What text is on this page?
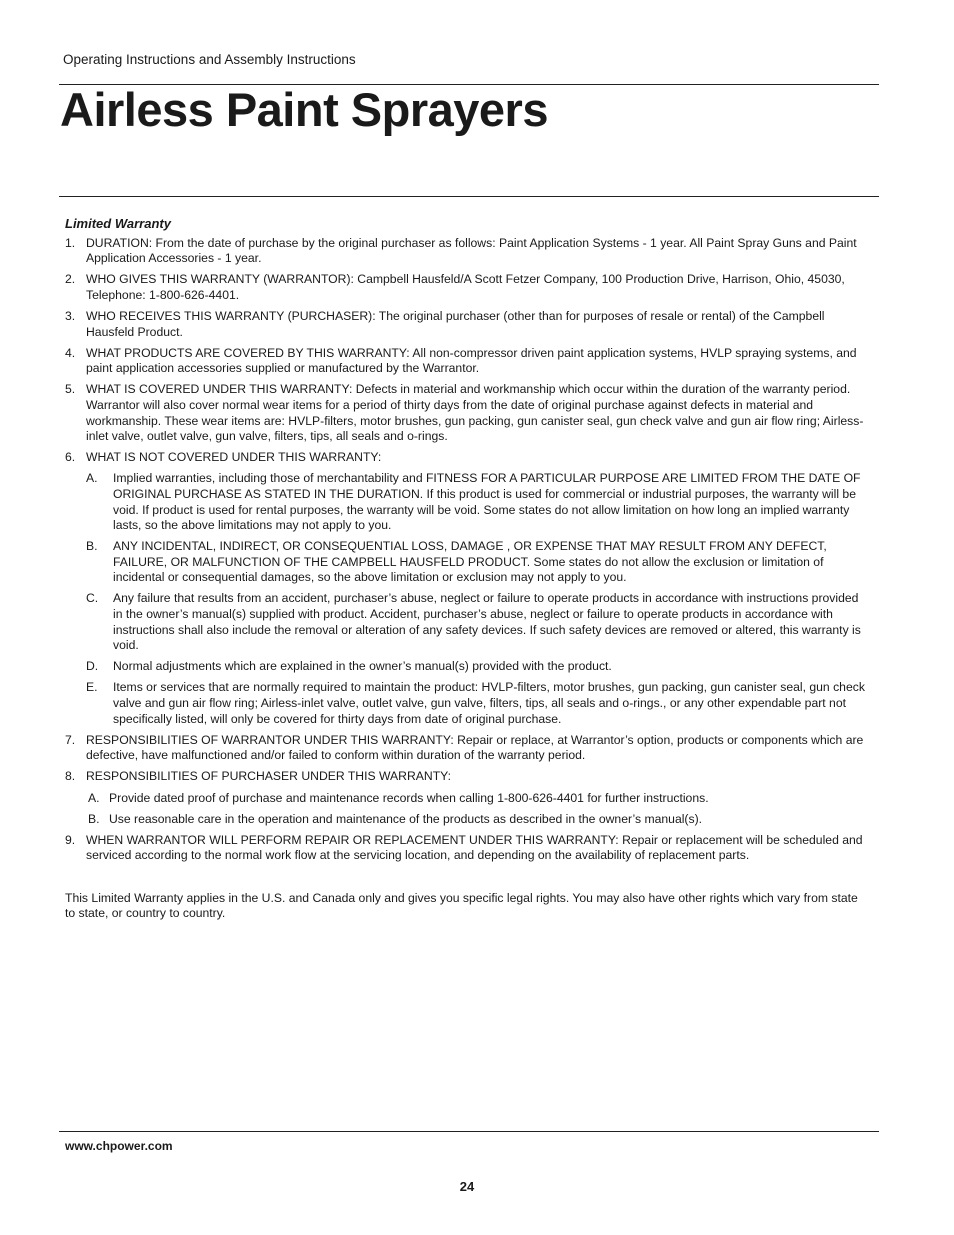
Operating Instructions and Assembly Instructions
Airless Paint Sprayers
Limited Warranty
1. DURATION: From the date of purchase by the original purchaser as follows: Paint Application Systems - 1 year. All Paint Spray Guns and Paint Application Accessories - 1 year.
2. WHO GIVES THIS WARRANTY (WARRANTOR): Campbell Hausfeld/A Scott Fetzer Company, 100 Production Drive, Harrison, Ohio, 45030, Telephone: 1-800-626-4401.
3. WHO RECEIVES THIS WARRANTY (PURCHASER): The original purchaser (other than for purposes of resale or rental) of the Campbell Hausfeld Product.
4. WHAT PRODUCTS ARE COVERED BY THIS WARRANTY: All non-compressor driven paint application systems, HVLP spraying systems, and paint application accessories supplied or manufactured by the Warrantor.
5. WHAT IS COVERED UNDER THIS WARRANTY: Defects in material and workmanship which occur within the duration of the warranty period. Warrantor will also cover normal wear items for a period of thirty days from the date of original purchase against defects in material and workmanship. These wear items are: HVLP-filters, motor brushes, gun packing, gun canister seal, gun check valve and gun air flow ring; Airless-inlet valve, outlet valve, gun valve, filters, tips, all seals and o-rings.
6. WHAT IS NOT COVERED UNDER THIS WARRANTY:
A. Implied warranties, including those of merchantability and FITNESS FOR A PARTICULAR PURPOSE ARE LIMITED FROM THE DATE OF ORIGINAL PURCHASE AS STATED IN THE DURATION. If this product is used for commercial or industrial purposes, the warranty will be void. If product is used for rental purposes, the warranty will be void. Some states do not allow limitation on how long an implied warranty lasts, so the above limitations may not apply to you.
B. ANY INCIDENTAL, INDIRECT, OR CONSEQUENTIAL LOSS, DAMAGE , OR EXPENSE THAT MAY RESULT FROM ANY DEFECT, FAILURE, OR MALFUNCTION OF THE CAMPBELL HAUSFELD PRODUCT. Some states do not allow the exclusion or limitation of incidental or consequential damages, so the above limitation or exclusion may not apply to you.
C. Any failure that results from an accident, purchaser’s abuse, neglect or failure to operate products in accordance with instructions provided in the owner’s manual(s) supplied with product. Accident, purchaser’s abuse, neglect or failure to operate products in accordance with instructions shall also include the removal or alteration of any safety devices. If such safety devices are removed or altered, this warranty is void.
D. Normal adjustments which are explained in the owner’s manual(s) provided with the product.
E. Items or services that are normally required to maintain the product: HVLP-filters, motor brushes, gun packing, gun canister seal, gun check valve and gun air flow ring; Airless-inlet valve, outlet valve, gun valve, filters, tips, all seals and o-rings., or any other expendable part not specifically listed, will only be covered for thirty days from date of original purchase.
7. RESPONSIBILITIES OF WARRANTOR UNDER THIS WARRANTY: Repair or replace, at Warrantor’s option, products or components which are defective, have malfunctioned and/or failed to conform within duration of the warranty period.
8. RESPONSIBILITIES OF PURCHASER UNDER THIS WARRANTY:
A. Provide dated proof of purchase and maintenance records when calling 1-800-626-4401 for further instructions.
B. Use reasonable care in the operation and maintenance of the products as described in the owner’s manual(s).
9. WHEN WARRANTOR WILL PERFORM REPAIR OR REPLACEMENT UNDER THIS WARRANTY: Repair or replacement will be scheduled and serviced according to the normal work flow at the servicing location, and depending on the availability of replacement parts.
This Limited Warranty applies in the U.S. and Canada only and gives you specific legal rights. You may also have other rights which vary from state to state, or country to country.
www.chpower.com
24
